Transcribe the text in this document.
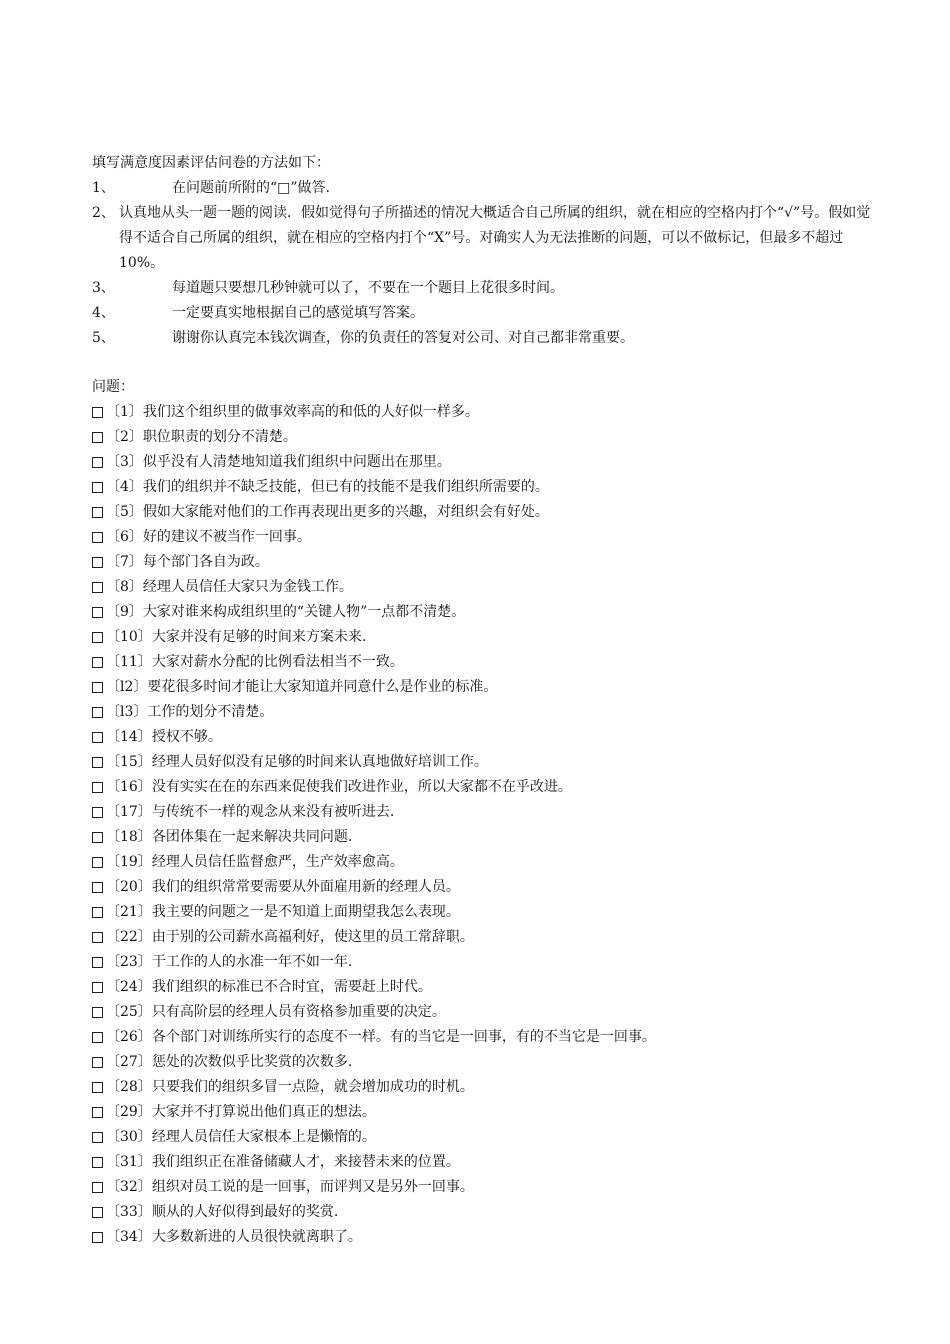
填写满意度因素评估问卷的方法如下：
1、	在问题前所附的“□”做答.
2、 认真地从头一题一题的阅读．假如觉得句子所描述的情况大概适合自己所属的组织，就在相应的空格内打个“√”号。假如觉得不适合自己所属的组织，就在相应的空格内打个“X”号。对确实人为无法推断的问题，可以不做标记，但最多不超过10%。
3、	每道题只要想几秒钟就可以了，不要在一个题目上花很多时间。
4、	一定要真实地根据自己的感觉填写答案。
5、	谢谢你认真完本钱次调查，你的负责任的答复对公司、对自己都非常重要。
问题：
〔1〕 我们这个组织里的做事效率高的和低的人好似一样多。
〔2〕 职位职责的划分不清楚。
〔3〕 似乎没有人清楚地知道我们组织中问题出在那里。
〔4〕 我们的组织并不缺乏技能，但已有的技能不是我们组织所需要的。
〔5〕 假如大家能对他们的工作再表现出更多的兴趣，对组织会有好处。
〔6〕 好的建议不被当作一回事。
〔7〕 每个部门各自为政。
〔8〕 经理人员信任大家只为金钱工作。
〔9〕 大家对谁来构成组织里的“关键人物”一点都不清楚。
〔10〕 大家并没有足够的时间来方案未来.
〔11〕 大家对薪水分配的比例看法相当不一致。
〔l2〕 要花很多时间才能让大家知道并同意什么是作业的标准。
〔l3〕 工作的划分不清楚。
〔14〕 授权不够。
〔15〕 经理人员好似没有足够的时间来认真地做好培训工作。
〔16〕 没有实实在在的东西来促使我们改进作业，所以大家都不在乎改进。
〔17〕 与传统不一样的观念从来没有被听进去.
〔18〕 各团体集在一起来解决共同问题.
〔19〕 经理人员信任监督愈严，生产效率愈高。
〔20〕 我们的组织常常要需要从外面雇用新的经理人员。
〔21〕 我主要的问题之一是不知道上面期望我怎么表现。
〔22〕 由于别的公司薪水高福利好，使这里的员工常辞职。
〔23〕 干工作的人的水准一年不如一年.
〔24〕 我们组织的标准已不合时宜，需要赶上时代。
〔25〕 只有高阶层的经理人员有资格参加重要的决定。
〔26〕 各个部门对训练所实行的态度不一样。有的当它是一回事，有的不当它是一回事。
〔27〕 惩处的次数似乎比奖赏的次数多.
〔28〕 只要我们的组织多冒一点险，就会增加成功的时机。
〔29〕 大家并不打算说出他们真正的想法。
〔30〕 经理人员信任大家根本上是懒惰的。
〔31〕 我们组织正在准备储藏人才，来接替未来的位置。
〔32〕 组织对员工说的是一回事，而评判又是另外一回事。
〔33〕 顺从的人好似得到最好的奖赏.
〔34〕 大多数新进的人员很快就离职了。
